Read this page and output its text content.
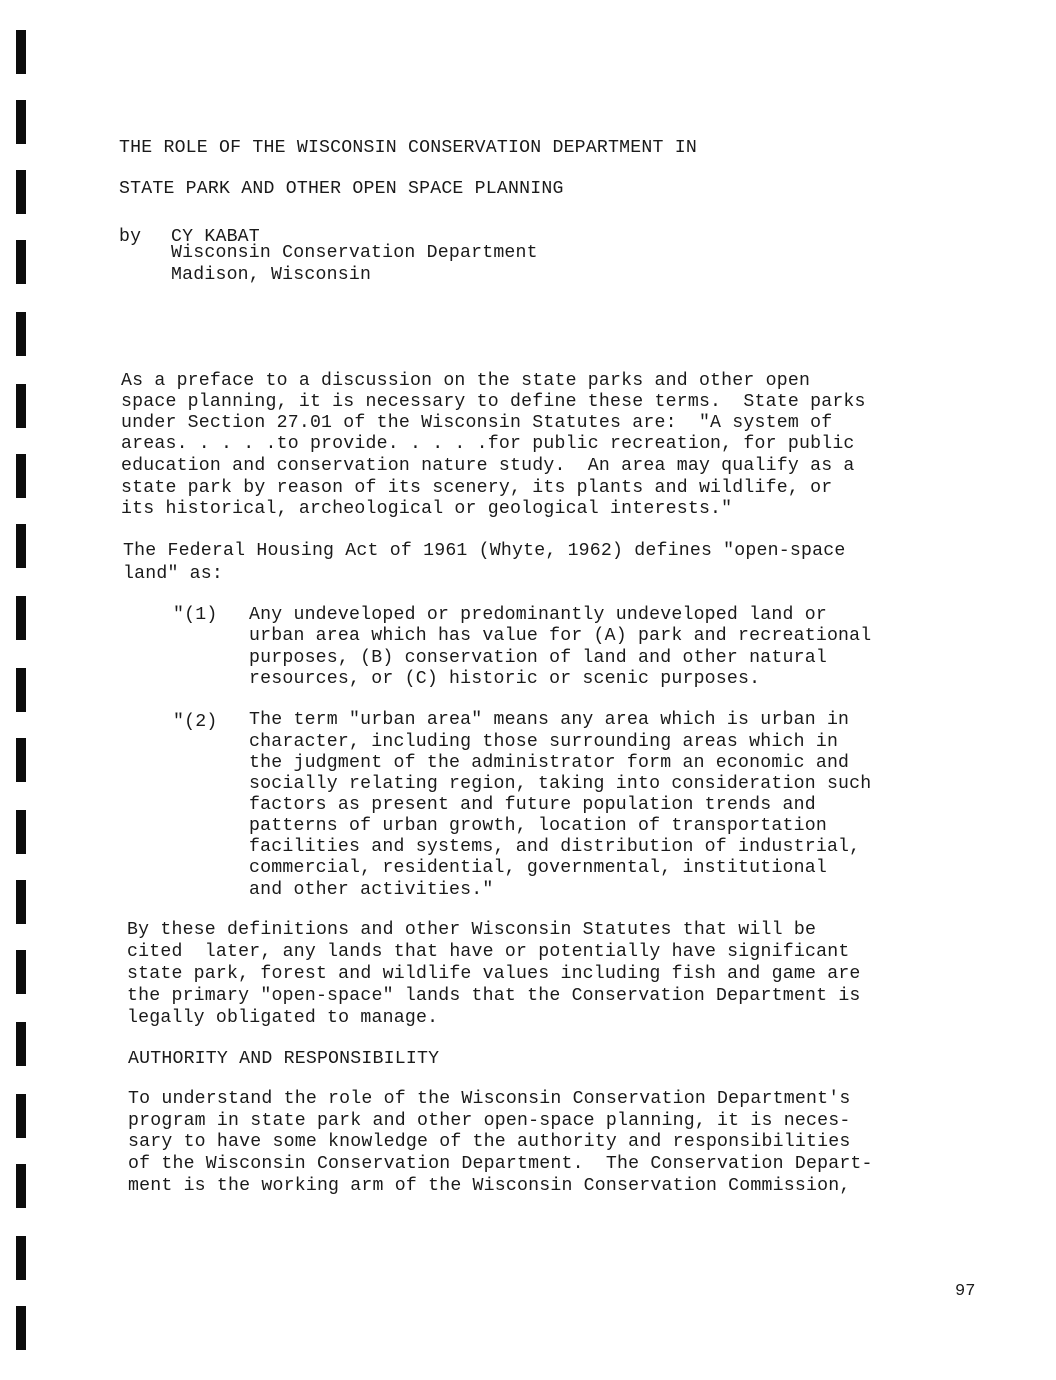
THE ROLE OF THE WISCONSIN CONSERVATION DEPARTMENT IN
STATE PARK AND OTHER OPEN SPACE PLANNING
by CY KABAT
Wisconsin Conservation Department
Madison, Wisconsin
As a preface to a discussion on the state parks and other open
space planning, it is necessary to define these terms.  State parks
under Section 27.01 of the Wisconsin Statutes are:  "A system of
areas. . . . .to provide. . . . .for public recreation, for public
education and conservation nature study.  An area may qualify as a
state park by reason of its scenery, its plants and wildlife, or
its historical, archeological or geological interests."
The Federal Housing Act of 1961 (Whyte, 1962) defines "open-space
land" as:
"(1) Any undeveloped or predominantly undeveloped land or
urban area which has value for (A) park and recreational
purposes, (B) conservation of land and other natural
resources, or (C) historic or scenic purposes.
"(2) The term "urban area" means any area which is urban in
character, including those surrounding areas which in
the judgment of the administrator form an economic and
socially relating region, taking into consideration such
factors as present and future population trends and
patterns of urban growth, location of transportation
facilities and systems, and distribution of industrial,
commercial, residential, governmental, institutional
and other activities."
By these definitions and other Wisconsin Statutes that will be
cited  later, any lands that have or potentially have significant
state park, forest and wildlife values including fish and game are
the primary "open-space" lands that the Conservation Department is
legally obligated to manage.
AUTHORITY AND RESPONSIBILITY
To understand the role of the Wisconsin Conservation Department's
program in state park and other open-space planning, it is neces-
sary to have some knowledge of the authority and responsibilities
of the Wisconsin Conservation Department.  The Conservation Depart-
ment is the working arm of the Wisconsin Conservation Commission,
97
